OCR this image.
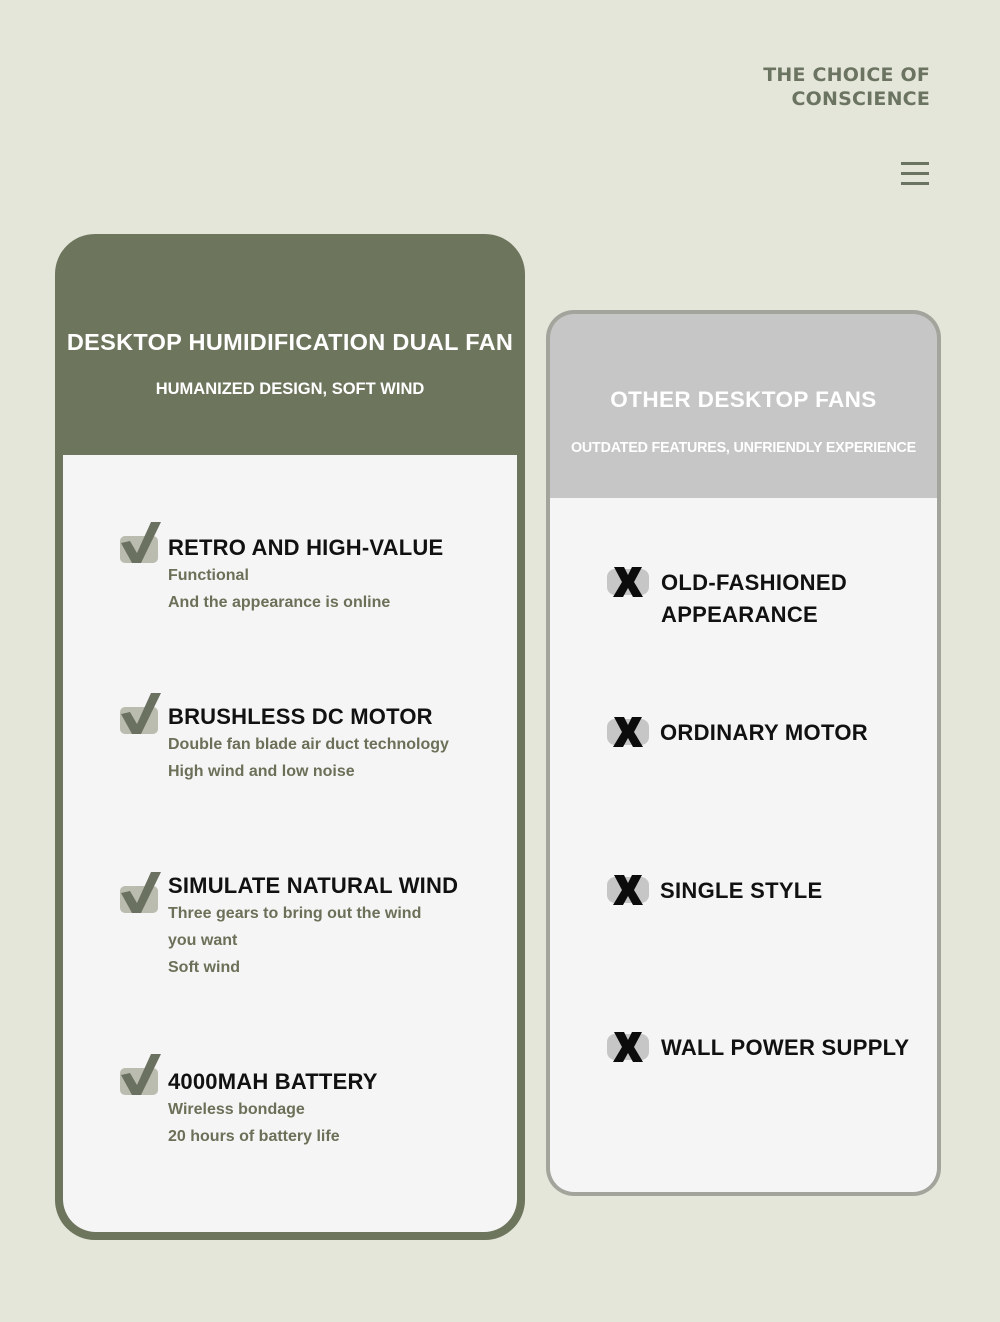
THE CHOICE OF
CONSCIENCE
DESKTOP HUMIDIFICATION DUAL FAN
HUMANIZED DESIGN, SOFT WIND
RETRO AND HIGH-VALUE
Functional
And the appearance is online
BRUSHLESS DC MOTOR
Double fan blade air duct technology
High wind and low noise
SIMULATE NATURAL WIND
Three gears to bring out the wind
you want
Soft wind
4000MAH BATTERY
Wireless bondage
20 hours of battery life
OTHER DESKTOP FANS
OUTDATED FEATURES, UNFRIENDLY EXPERIENCE
OLD-FASHIONED
APPEARANCE
ORDINARY MOTOR
SINGLE STYLE
WALL POWER SUPPLY
